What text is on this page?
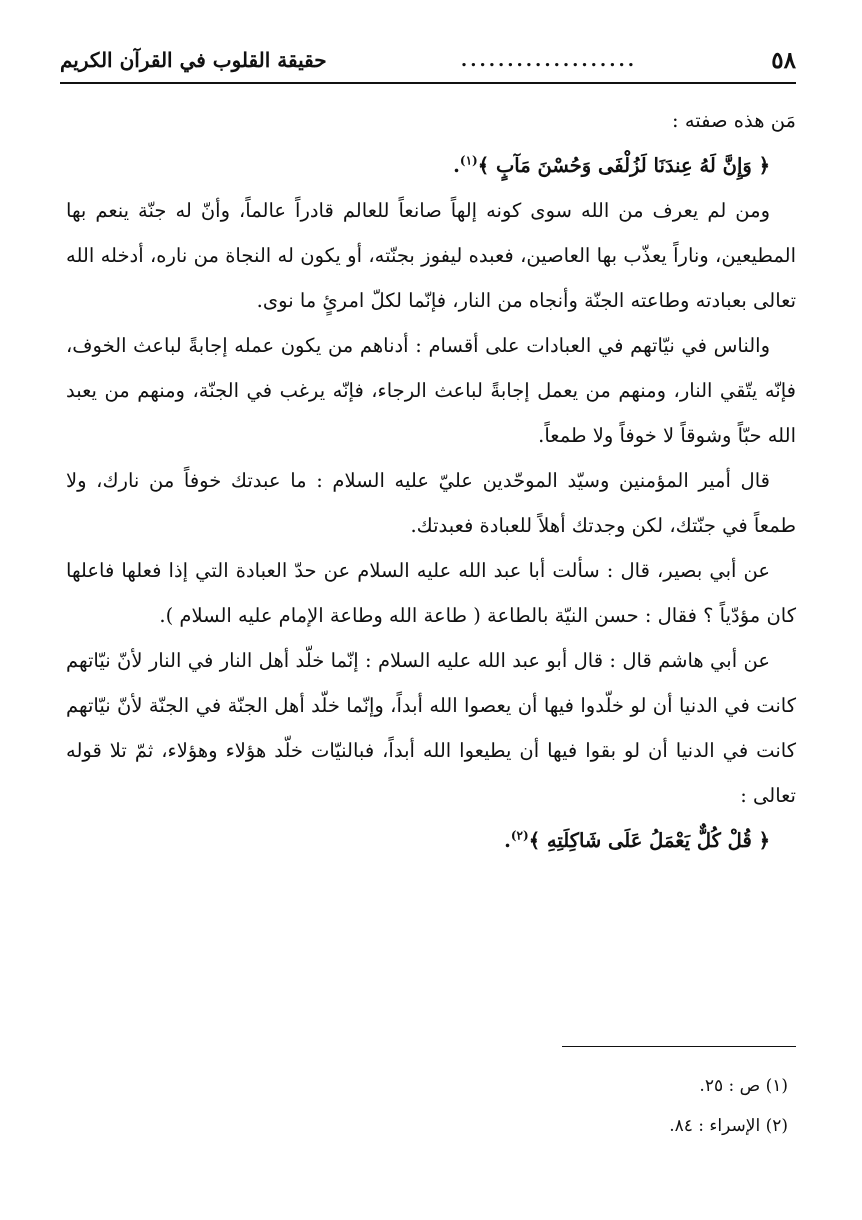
٥٨
...................
حقيقة القلوب في القرآن الكريم

مَن هذه صفته :

﴿ وَإِنَّ لَهُ عِندَنَا لَزُلْفَى وَحُسْنَ مَآبٍ ﴾$^{(١)}$.

ومن لم يعرف من الله سوى كونه إلهاً صانعاً للعالم قادراً عالماً، وأنّ له جنّة ينعم بها المطيعين، وناراً يعذّب بها العاصين، فعبده ليفوز بجنّته، أو يكون له النجاة من ناره، أدخله الله تعالى بعبادته وطاعته الجنّة وأنجاه من النار، فإنّما لكلّ امرئٍ ما نوى.

والناس في نيّاتهم في العبادات على أقسام : أدناهم من يكون عمله إجابةً لباعث الخوف، فإنّه يتّقي النار، ومنهم من يعمل إجابةً لباعث الرجاء، فإنّه يرغب في الجنّة، ومنهم من يعبد الله حبّاً وشوقاً لا خوفاً ولا طمعاً.

قال أمير المؤمنين وسيّد الموحّدين عليّ عليه السلام : ما عبدتك خوفاً من نارك، ولا طمعاً في جنّتك، لكن وجدتك أهلاً للعبادة فعبدتك.

عن أبي بصير، قال : سألت أبا عبد الله عليه السلام عن حدّ العبادة التي إذا فعلها فاعلها كان مؤدّياً ؟ فقال : حسن النيّة بالطاعة ( طاعة الله وطاعة الإمام عليه السلام ).

عن أبي هاشم قال : قال أبو عبد الله عليه السلام : إنّما خلّد أهل النار في النار لأنّ نيّاتهم كانت في الدنيا أن لو خلّدوا فيها أن يعصوا الله أبداً، وإنّما خلّد أهل الجنّة في الجنّة لأنّ نيّاتهم كانت في الدنيا أن لو بقوا فيها أن يطيعوا الله أبداً، فبالنيّات خلّد هؤلاء وهؤلاء، ثمّ تلا قوله تعالى :

﴿ قُلْ كُلٌّ يَعْمَلُ عَلَى شَاكِلَتِهِ ﴾$^{(٢)}$.

(١) ص : ٢٥.
(٢) الإسراء : ٨٤.
